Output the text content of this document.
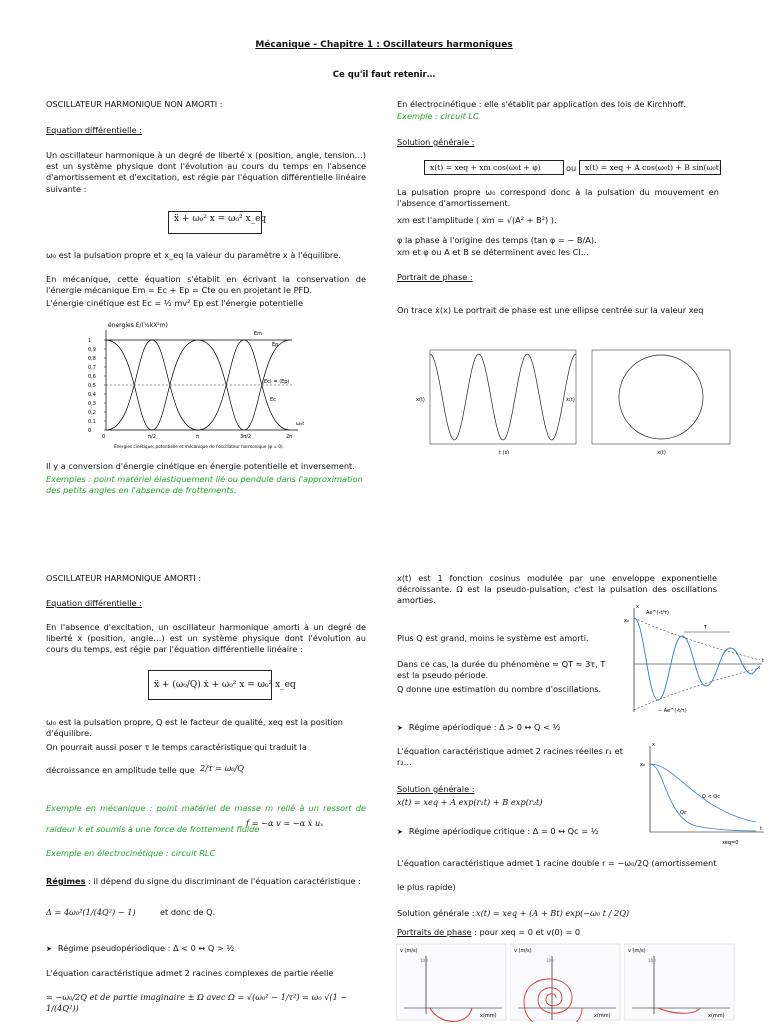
Mécanique - Chapitre 1 : Oscillateurs harmoniques
Ce qu'il faut retenir…

OSCILLATEUR HARMONIQUE NON AMORTI :

Equation différentielle :

Un oscillateur harmonique à un degré de liberté x (position, angle, tension…) est un système physique dont l'évolution au cours du temps en l'absence d'amortissement et d'excitation, est régie par l'équation différentielle linéaire suivante :

ẍ + ω₀² x = ω₀² x_eq

ω₀ est la pulsation propre et x_eq la valeur du paramètre x à l'équilibre.

En mécanique, cette équation s'établit en écrivant la conservation de l'énergie mécanique Em = Ec + Ep = Cte ou en projetant le PFD.

L'énergie cinétique est Ec = ½ mv² Ep est l'énergie potentielle

énergies E/(½kX²m)
1
0,9
0,8
0,7
0,6
0,5
0,4
0,3
0,2
0,1
0
Em
Ep
⟨Ec⟩ = ⟨Ep⟩
Ec
ω₀t
0	π/2	π	3π/2	2π
Énergies cinétique, potentielle et mécanique de l'oscillateur harmonique (φ = 0).

Il y a conversion d'énergie cinétique en énergie potentielle et inversement.

Exemples : point matériel élastiquement lié ou pendule dans l'approximation des petits angles en l'absence de frottements.

En électrocinétique : elle s'établit par application des lois de Kirchhoff.

Exemple : circuit LC

Solution générale :

x(t) = xeq + xm cos(ω₀t + φ)	ou	x(t) = xeq + A cos(ω₀t) + B sin(ω₀t)

La pulsation propre ω₀ correspond donc à la pulsation du mouvement en l'absence d'amortissement.

xm est l'amplitude ( xm = √(A² + B²) ).

φ la phase à l'origine des temps (tan φ = − B/A).

xm et φ ou A et B se déterminent avec les CI…

Portrait de phase :

On trace ẋ(x) Le portrait de phase est une ellipse centrée sur la valeur xeq

x(t)
t (s)
ẋ(t)
x(t)

OSCILLATEUR HARMONIQUE AMORTI :

Equation différentielle :

En l'absence d'excitation, un oscillateur harmonique amorti à un degré de liberté x (position, angle…) est un système physique dont l'évolution au cours du temps, est régie par l'équation différentielle linéaire :

ẍ + (ω₀/Q) ẋ + ω₀² x = ω₀² x_eq

ω₀ est la pulsation propre, Q est le facteur de qualité, xeq est la position d'équilibre.

On pourrait aussi poser τ le temps caractéristique qui traduit la

décroissance en amplitude telle que 2/τ = ω₀/Q

Exemple en mécanique : point matériel de masse m relié à un ressort de raideur k et soumis à une force de frottement fluide

f = −α v = −α ẋ uₓ

Exemple en électrocinétique : circuit RLC

Régimes : il dépend du signe du discriminant de l'équation caractéristique :

Δ = 4ω₀²(1/(4Q²) − 1)	et donc de Q.

➤ Régime pseudopériodique : Δ < 0 ↔ Q > ½

L'équation caractéristique admet 2 racines complexes de partie réelle

= −ω₀/2Q et de partie imaginaire ± Ω avec Ω = √(ω₀² − 1/τ²) = ω₀ √(1 − 1/(4Q²))

x(t) est 1 fonction cosinus modulée par une enveloppe exponentielle décroissante. Ω est la pseudo-pulsation, c'est la pulsation des oscillations amorties.

Plus Q est grand, moins le système est amorti.

Dans ce cas, la durée du phénomène ≈ QT ≈ 3τ, T est la pseudo période.

Q donne une estimation du nombre d'oscillations.

T
Ae^(-t/τ)
x₀
− Ae^(-t/τ)
t
x

➤ Régime apériodique : Δ > 0 ↔ Q < ½

L'équation caractéristique admet 2 racines réelles r₁ et r₂…

Solution générale :

x(t) = xeq + A exp(r₁t) + B exp(r₂t)

x₀
Q < Qc
Qc
xeq=0
t
x

➤ Régime apériodique critique : Δ = 0 ↔ Qc = ½

L'équation caractéristique admet 1 racine double r = −ω₀/2Q (amortissement

le plus rapide)

Solution générale : x(t) = xeq + (A + Bt) exp(−ω₀ t / 2Q)

Portraits de phase : pour xeq = 0 et v(0) = 0

v (m/s)
x(mm)
100
v (m/s)
x(mm)
100
v (m/s)
x(mm)
100
